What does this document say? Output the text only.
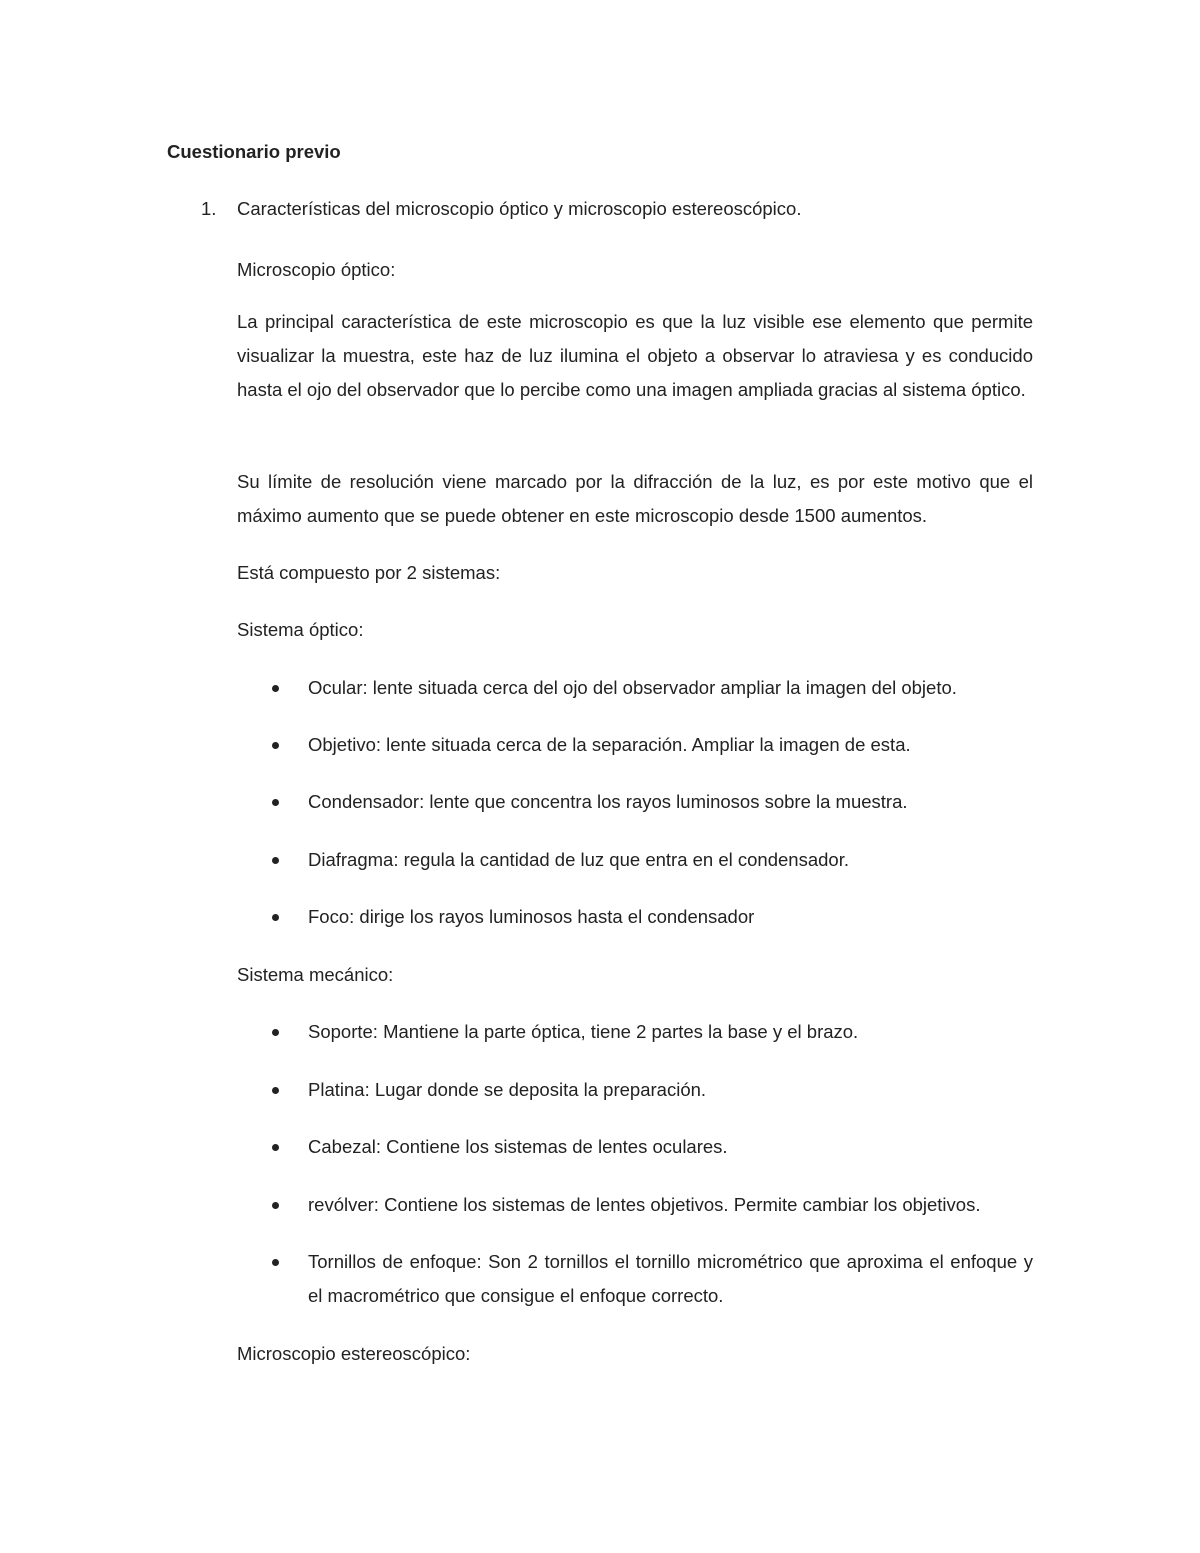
Cuestionario previo
1. Características del microscopio óptico y microscopio estereoscópico.
Microscopio óptico:
La principal característica de este microscopio es que la luz visible ese elemento que permite visualizar la muestra, este haz de luz ilumina el objeto a observar lo atraviesa y es conducido hasta el ojo del observador que lo percibe como una imagen ampliada gracias al sistema óptico.
Su límite de resolución viene marcado por la difracción de la luz, es por este motivo que el máximo aumento que se puede obtener en este microscopio desde 1500 aumentos.
Está compuesto por 2 sistemas:
Sistema óptico:
Ocular: lente situada cerca del ojo del observador ampliar la imagen del objeto.
Objetivo: lente situada cerca de la separación. Ampliar la imagen de esta.
Condensador: lente que concentra los rayos luminosos sobre la muestra.
Diafragma: regula la cantidad de luz que entra en el condensador.
Foco: dirige los rayos luminosos hasta el condensador
Sistema mecánico:
Soporte: Mantiene la parte óptica, tiene 2 partes la base y el brazo.
Platina: Lugar donde se deposita la preparación.
Cabezal: Contiene los sistemas de lentes oculares.
revólver: Contiene los sistemas de lentes objetivos. Permite cambiar los objetivos.
Tornillos de enfoque: Son 2 tornillos el tornillo micrométrico que aproxima el enfoque y el macrométrico que consigue el enfoque correcto.
Microscopio estereoscópico:
